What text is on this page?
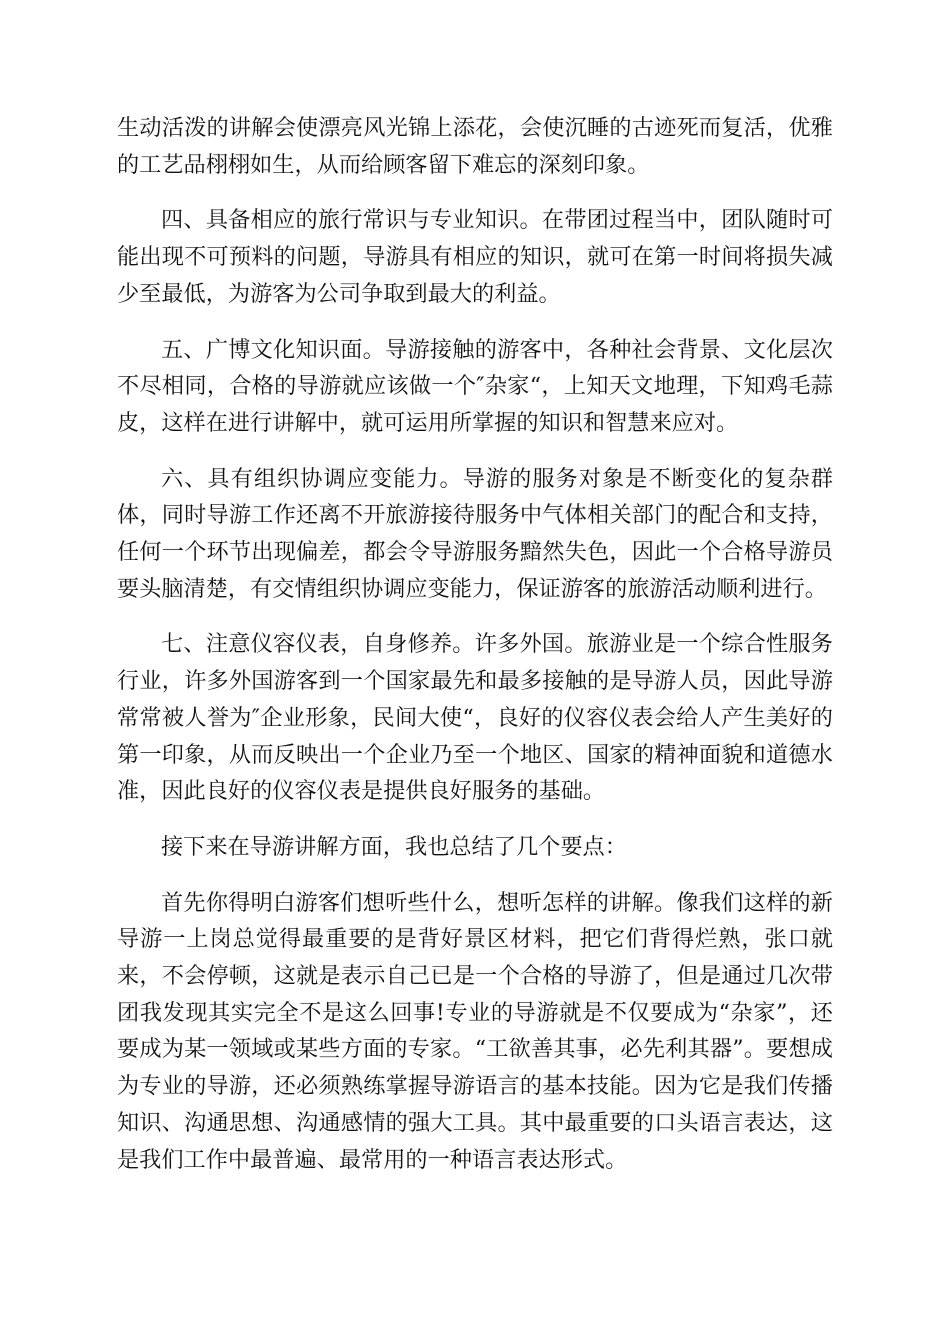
生动活泼的讲解会使漂亮风光锦上添花，会使沉睡的古迹死而复活，优雅的工艺品栩栩如生，从而给顾客留下难忘的深刻印象。

四、具备相应的旅行常识与专业知识。在带团过程当中，团队随时可能出现不可预料的问题，导游具有相应的知识，就可在第一时间将损失减少至最低，为游客为公司争取到最大的利益。

五、广博文化知识面。导游接触的游客中，各种社会背景、文化层次不尽相同，合格的导游就应该做一个″杂家“，上知天文地理，下知鸡毛蒜皮，这样在进行讲解中，就可运用所掌握的知识和智慧来应对。

六、具有组织协调应变能力。导游的服务对象是不断变化的复杂群体，同时导游工作还离不开旅游接待服务中气体相关部门的配合和支持，任何一个环节出现偏差，都会令导游服务黯然失色，因此一个合格导游员要头脑清楚，有交情组织协调应变能力，保证游客的旅游活动顺利进行。

七、注意仪容仪表，自身修养。许多外国。旅游业是一个综合性服务行业，许多外国游客到一个国家最先和最多接触的是导游人员，因此导游常常被人誉为″企业形象，民间大使“，良好的仪容仪表会给人产生美好的第一印象，从而反映出一个企业乃至一个地区、国家的精神面貌和道德水准，因此良好的仪容仪表是提供良好服务的基础。

接下来在导游讲解方面，我也总结了几个要点：

首先你得明白游客们想听些什么，想听怎样的讲解。像我们这样的新导游一上岗总觉得最重要的是背好景区材料，把它们背得烂熟，张口就来，不会停顿，这就是表示自己已是一个合格的导游了，但是通过几次带团我发现其实完全不是这么回事!专业的导游就是不仅要成为“杂家”，还要成为某一领域或某些方面的专家。“工欲善其事，必先利其器”。要想成为专业的导游，还必须熟练掌握导游语言的基本技能。因为它是我们传播知识、沟通思想、沟通感情的强大工具。其中最重要的口头语言表达，这是我们工作中最普遍、最常用的一种语言表达形式。
